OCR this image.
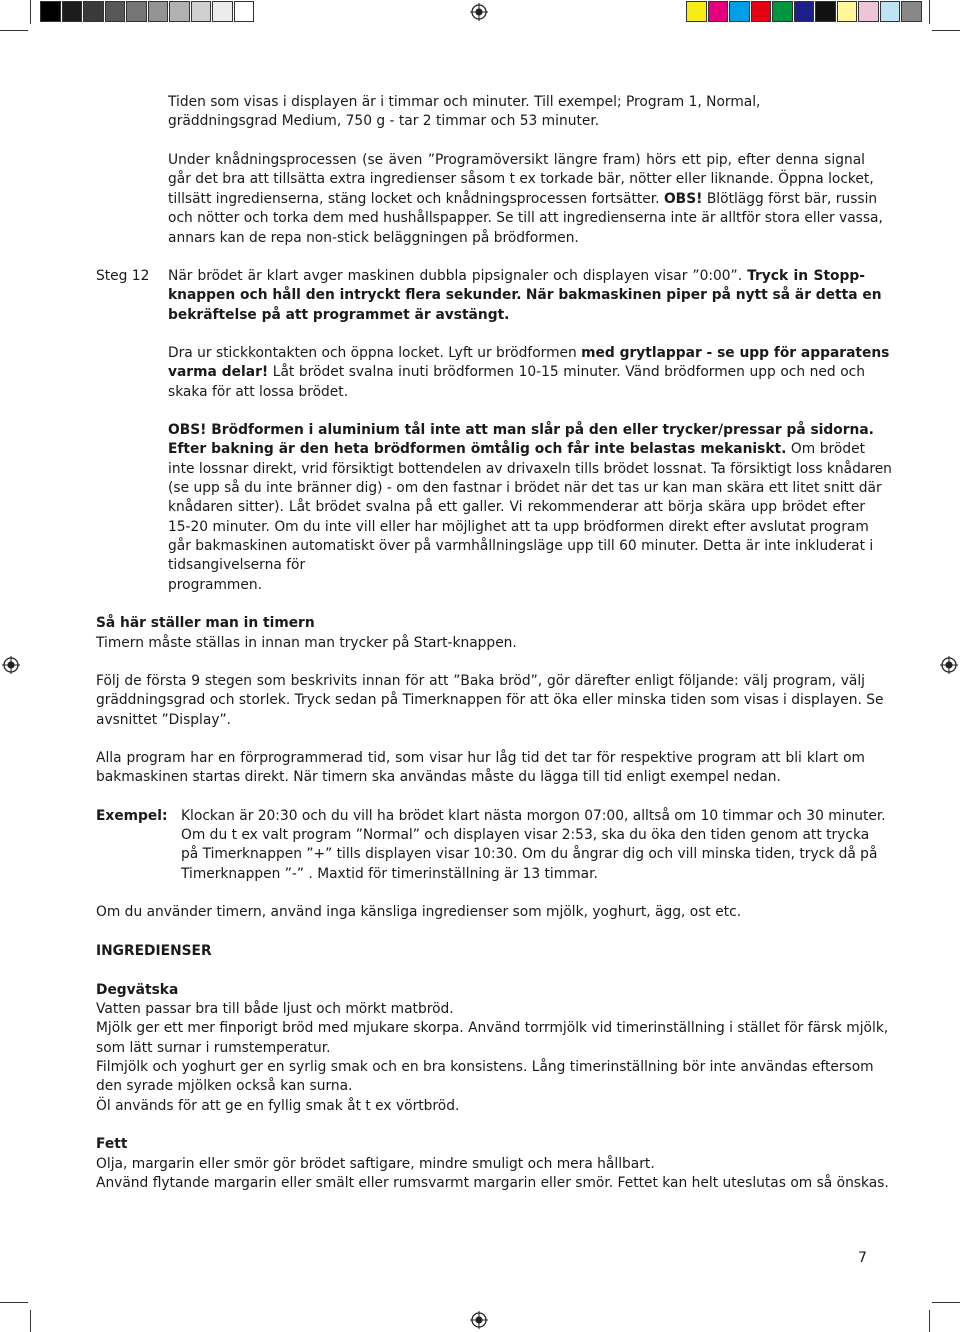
Tiden som visas i displayen är i timmar och minuter. Till exempel; Program 1, Normal,
gräddningsgrad Medium, 750 g - tar 2 timmar och 53 minuter.
Under knådningsprocessen (se även ”Programöversikt längre fram) hörs ett pip, efter denna signal
går det bra att tillsätta extra ingredienser såsom t ex torkade bär, nötter eller liknande. Öppna locket,
tillsätt ingredienserna, stäng locket och knådningsprocessen fortsätter. OBS! Blötlägg först bär, russin
och nötter och torka dem med hushållspapper. Se till att ingredienserna inte är alltför stora eller vassa,
annars kan de repa non-stick beläggningen på brödformen.
Steg 12 När brödet är klart avger maskinen dubbla pipsignaler och displayen visar ”0:00”. Tryck in Stopp-
knappen och håll den intryckt flera sekunder. När bakmaskinen piper på nytt så är detta en
bekräftelse på att programmet är avstängt.
Dra ur stickkontakten och öppna locket. Lyft ur brödformen med grytlappar - se upp för apparatens
varma delar! Låt brödet svalna inuti brödformen 10-15 minuter. Vänd brödformen upp och ned och
skaka för att lossa brödet.
OBS! Brödformen i aluminium tål inte att man slår på den eller trycker/pressar på sidorna.
Efter bakning är den heta brödformen ömtålig och får inte belastas mekaniskt. Om brödet
inte lossnar direkt, vrid försiktigt bottendelen av drivaxeln tills brödet lossnat. Ta försiktigt loss knådaren
(se upp så du inte bränner dig) - om den fastnar i brödet när det tas ur kan man skära ett litet snitt där
knådaren sitter). Låt brödet svalna på ett galler. Vi rekommenderar att börja skära upp brödet efter
15-20 minuter. Om du inte vill eller har möjlighet att ta upp brödformen direkt efter avslutat program
går bakmaskinen automatiskt över på varmhållningsläge upp till 60 minuter. Detta är inte inkluderat i
tidsangivelserna för
programmen.
Så här ställer man in timern
Timern måste ställas in innan man trycker på Start-knappen.
Följ de första 9 stegen som beskrivits innan för att ”Baka bröd”, gör därefter enligt följande: välj program, välj
gräddningsgrad och storlek. Tryck sedan på Timerknappen för att öka eller minska tiden som visas i displayen. Se
avsnittet ”Display”.
Alla program har en förprogrammerad tid, som visar hur låg tid det tar för respektive program att bli klart om
bakmaskinen startas direkt. När timern ska användas måste du lägga till tid enligt exempel nedan.
Exempel: Klockan är 20:30 och du vill ha brödet klart nästa morgon 07:00, alltså om 10 timmar och 30 minuter.
Om du t ex valt program ”Normal” och displayen visar 2:53, ska du öka den tiden genom att trycka
på Timerknappen ”+” tills displayen visar 10:30. Om du ångrar dig och vill minska tiden, tryck då på
Timerknappen ”-” . Maxtid för timerinställning är 13 timmar.
Om du använder timern, använd inga känsliga ingredienser som mjölk, yoghurt, ägg, ost etc.
INGREDIENSER
Degvätska
Vatten passar bra till både ljust och mörkt matbröd.
Mjölk ger ett mer finporigt bröd med mjukare skorpa. Använd torrmjölk vid timerinställning i stället för färsk mjölk,
som lätt surnar i rumstemperatur.
Filmjölk och yoghurt ger en syrlig smak och en bra konsistens. Lång timerinställning bör inte användas eftersom
den syrade mjölken också kan surna.
Öl används för att ge en fyllig smak åt t ex vörtbröd.
Fett
Olja, margarin eller smör gör brödet saftigare, mindre smuligt och mera hållbart.
Använd flytande margarin eller smält eller rumsvarmt margarin eller smör. Fettet kan helt uteslutas om så önskas.
7
